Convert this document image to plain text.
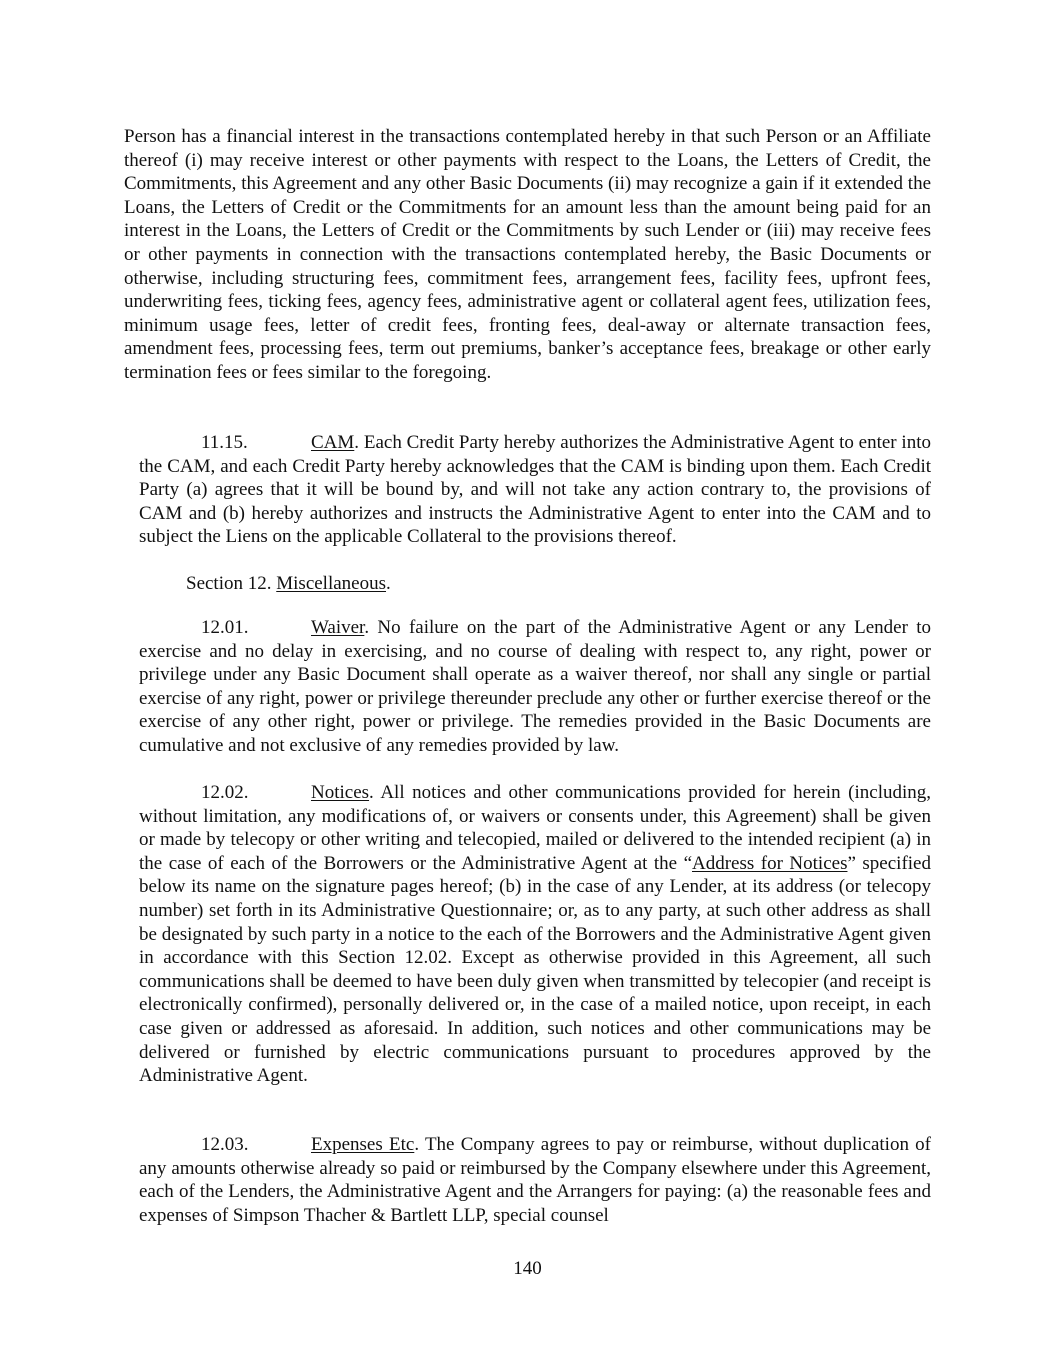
Person has a financial interest in the transactions contemplated hereby in that such Person or an Affiliate thereof (i) may receive interest or other payments with respect to the Loans, the Letters of Credit, the Commitments, this Agreement and any other Basic Documents (ii) may recognize a gain if it extended the Loans, the Letters of Credit or the Commitments for an amount less than the amount being paid for an interest in the Loans, the Letters of Credit or the Commitments by such Lender or (iii) may receive fees or other payments in connection with the transactions contemplated hereby, the Basic Documents or otherwise, including structuring fees, commitment fees, arrangement fees, facility fees, upfront fees, underwriting fees, ticking fees, agency fees, administrative agent or collateral agent fees, utilization fees, minimum usage fees, letter of credit fees, fronting fees, deal-away or alternate transaction fees, amendment fees, processing fees, term out premiums, banker’s acceptance fees, breakage or other early termination fees or fees similar to the foregoing.

11.15.	CAM. Each Credit Party hereby authorizes the Administrative Agent to enter into the CAM, and each Credit Party hereby acknowledges that the CAM is binding upon them. Each Credit Party (a) agrees that it will be bound by, and will not take any action contrary to, the provisions of CAM and (b) hereby authorizes and instructs the Administrative Agent to enter into the CAM and to subject the Liens on the applicable Collateral to the provisions thereof.

Section 12. Miscellaneous.

12.01.	Waiver. No failure on the part of the Administrative Agent or any Lender to exercise and no delay in exercising, and no course of dealing with respect to, any right, power or privilege under any Basic Document shall operate as a waiver thereof, nor shall any single or partial exercise of any right, power or privilege thereunder preclude any other or further exercise thereof or the exercise of any other right, power or privilege. The remedies provided in the Basic Documents are cumulative and not exclusive of any remedies provided by law.

12.02.	Notices. All notices and other communications provided for herein (including, without limitation, any modifications of, or waivers or consents under, this Agreement) shall be given or made by telecopy or other writing and telecopied, mailed or delivered to the intended recipient (a) in the case of each of the Borrowers or the Administrative Agent at the “Address for Notices” specified below its name on the signature pages hereof; (b) in the case of any Lender, at its address (or telecopy number) set forth in its Administrative Questionnaire; or, as to any party, at such other address as shall be designated by such party in a notice to the each of the Borrowers and the Administrative Agent given in accordance with this Section 12.02. Except as otherwise provided in this Agreement, all such communications shall be deemed to have been duly given when transmitted by telecopier (and receipt is electronically confirmed), personally delivered or, in the case of a mailed notice, upon receipt, in each case given or addressed as aforesaid. In addition, such notices and other communications may be delivered or furnished by electric communications pursuant to procedures approved by the Administrative Agent.

12.03.	Expenses Etc. The Company agrees to pay or reimburse, without duplication of any amounts otherwise already so paid or reimbursed by the Company elsewhere under this Agreement, each of the Lenders, the Administrative Agent and the Arrangers for paying: (a) the reasonable fees and expenses of Simpson Thacher & Bartlett LLP, special counsel

140
